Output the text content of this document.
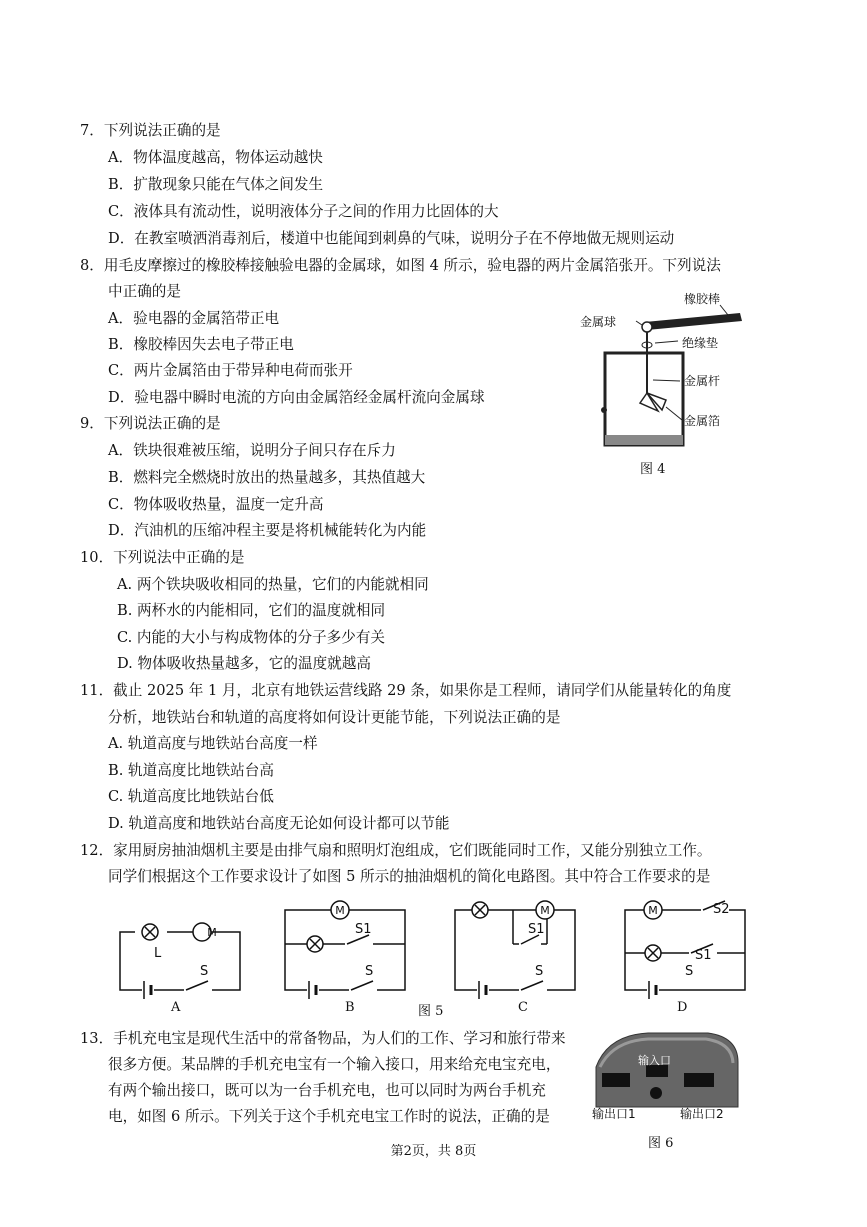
7．下列说法正确的是
A．物体温度越高，物体运动越快
B．扩散现象只能在气体之间发生
C．液体具有流动性，说明液体分子之间的作用力比固体的大
D．在教室喷洒消毒剂后，楼道中也能闻到刺鼻的气味，说明分子在不停地做无规则运动
8．用毛皮摩擦过的橡胶棒接触验电器的金属球，如图 4 所示，验电器的两片金属箔张开。下列说法
中正确的是
A．验电器的金属箔带正电
B．橡胶棒因失去电子带正电
C．两片金属箔由于带异种电荷而张开
D．验电器中瞬时电流的方向由金属箔经金属杆流向金属球
橡胶棒
金属球
绝缘垫
金属杆
金属箔
图 4
9．下列说法正确的是
A．铁块很难被压缩，说明分子间只存在斥力
B．燃料完全燃烧时放出的热量越多，其热值越大
C．物体吸收热量，温度一定升高
D．汽油机的压缩冲程主要是将机械能转化为内能
10．下列说法中正确的是
A. 两个铁块吸收相同的热量，它们的内能就相同
B. 两杯水的内能相同，它们的温度就相同
C. 内能的大小与构成物体的分子多少有关
D. 物体吸收热量越多，它的温度就越高
11．截止 2025 年 1 月，北京有地铁运营线路 29 条，如果你是工程师，请同学们从能量转化的角度
分析，地铁站台和轨道的高度将如何设计更能节能，下列说法正确的是
A. 轨道高度与地铁站台高度一样
B. 轨道高度比地铁站台高
C. 轨道高度比地铁站台低
D. 轨道高度和地铁站台高度无论如何设计都可以节能
12．家用厨房抽油烟机主要是由排气扇和照明灯泡组成，它们既能同时工作，又能分别独立工作。
同学们根据这个工作要求设计了如图 5 所示的抽油烟机的简化电路图。其中符合工作要求的是
M
M	M	M
L
S
S1
S
S1
S
S2
S1
S
A	B	图 5	C	D
13．手机充电宝是现代生活中的常备物品，为人们的工作、学习和旅行带来
很多方便。某品牌的手机充电宝有一个输入接口，用来给充电宝充电，
有两个输出接口，既可以为一台手机充电，也可以同时为两台手机充
电，如图 6 所示。下列关于这个手机充电宝工作时的说法，正确的是
输入口
输出口1	输出口2
图 6
第2页，共 8页
